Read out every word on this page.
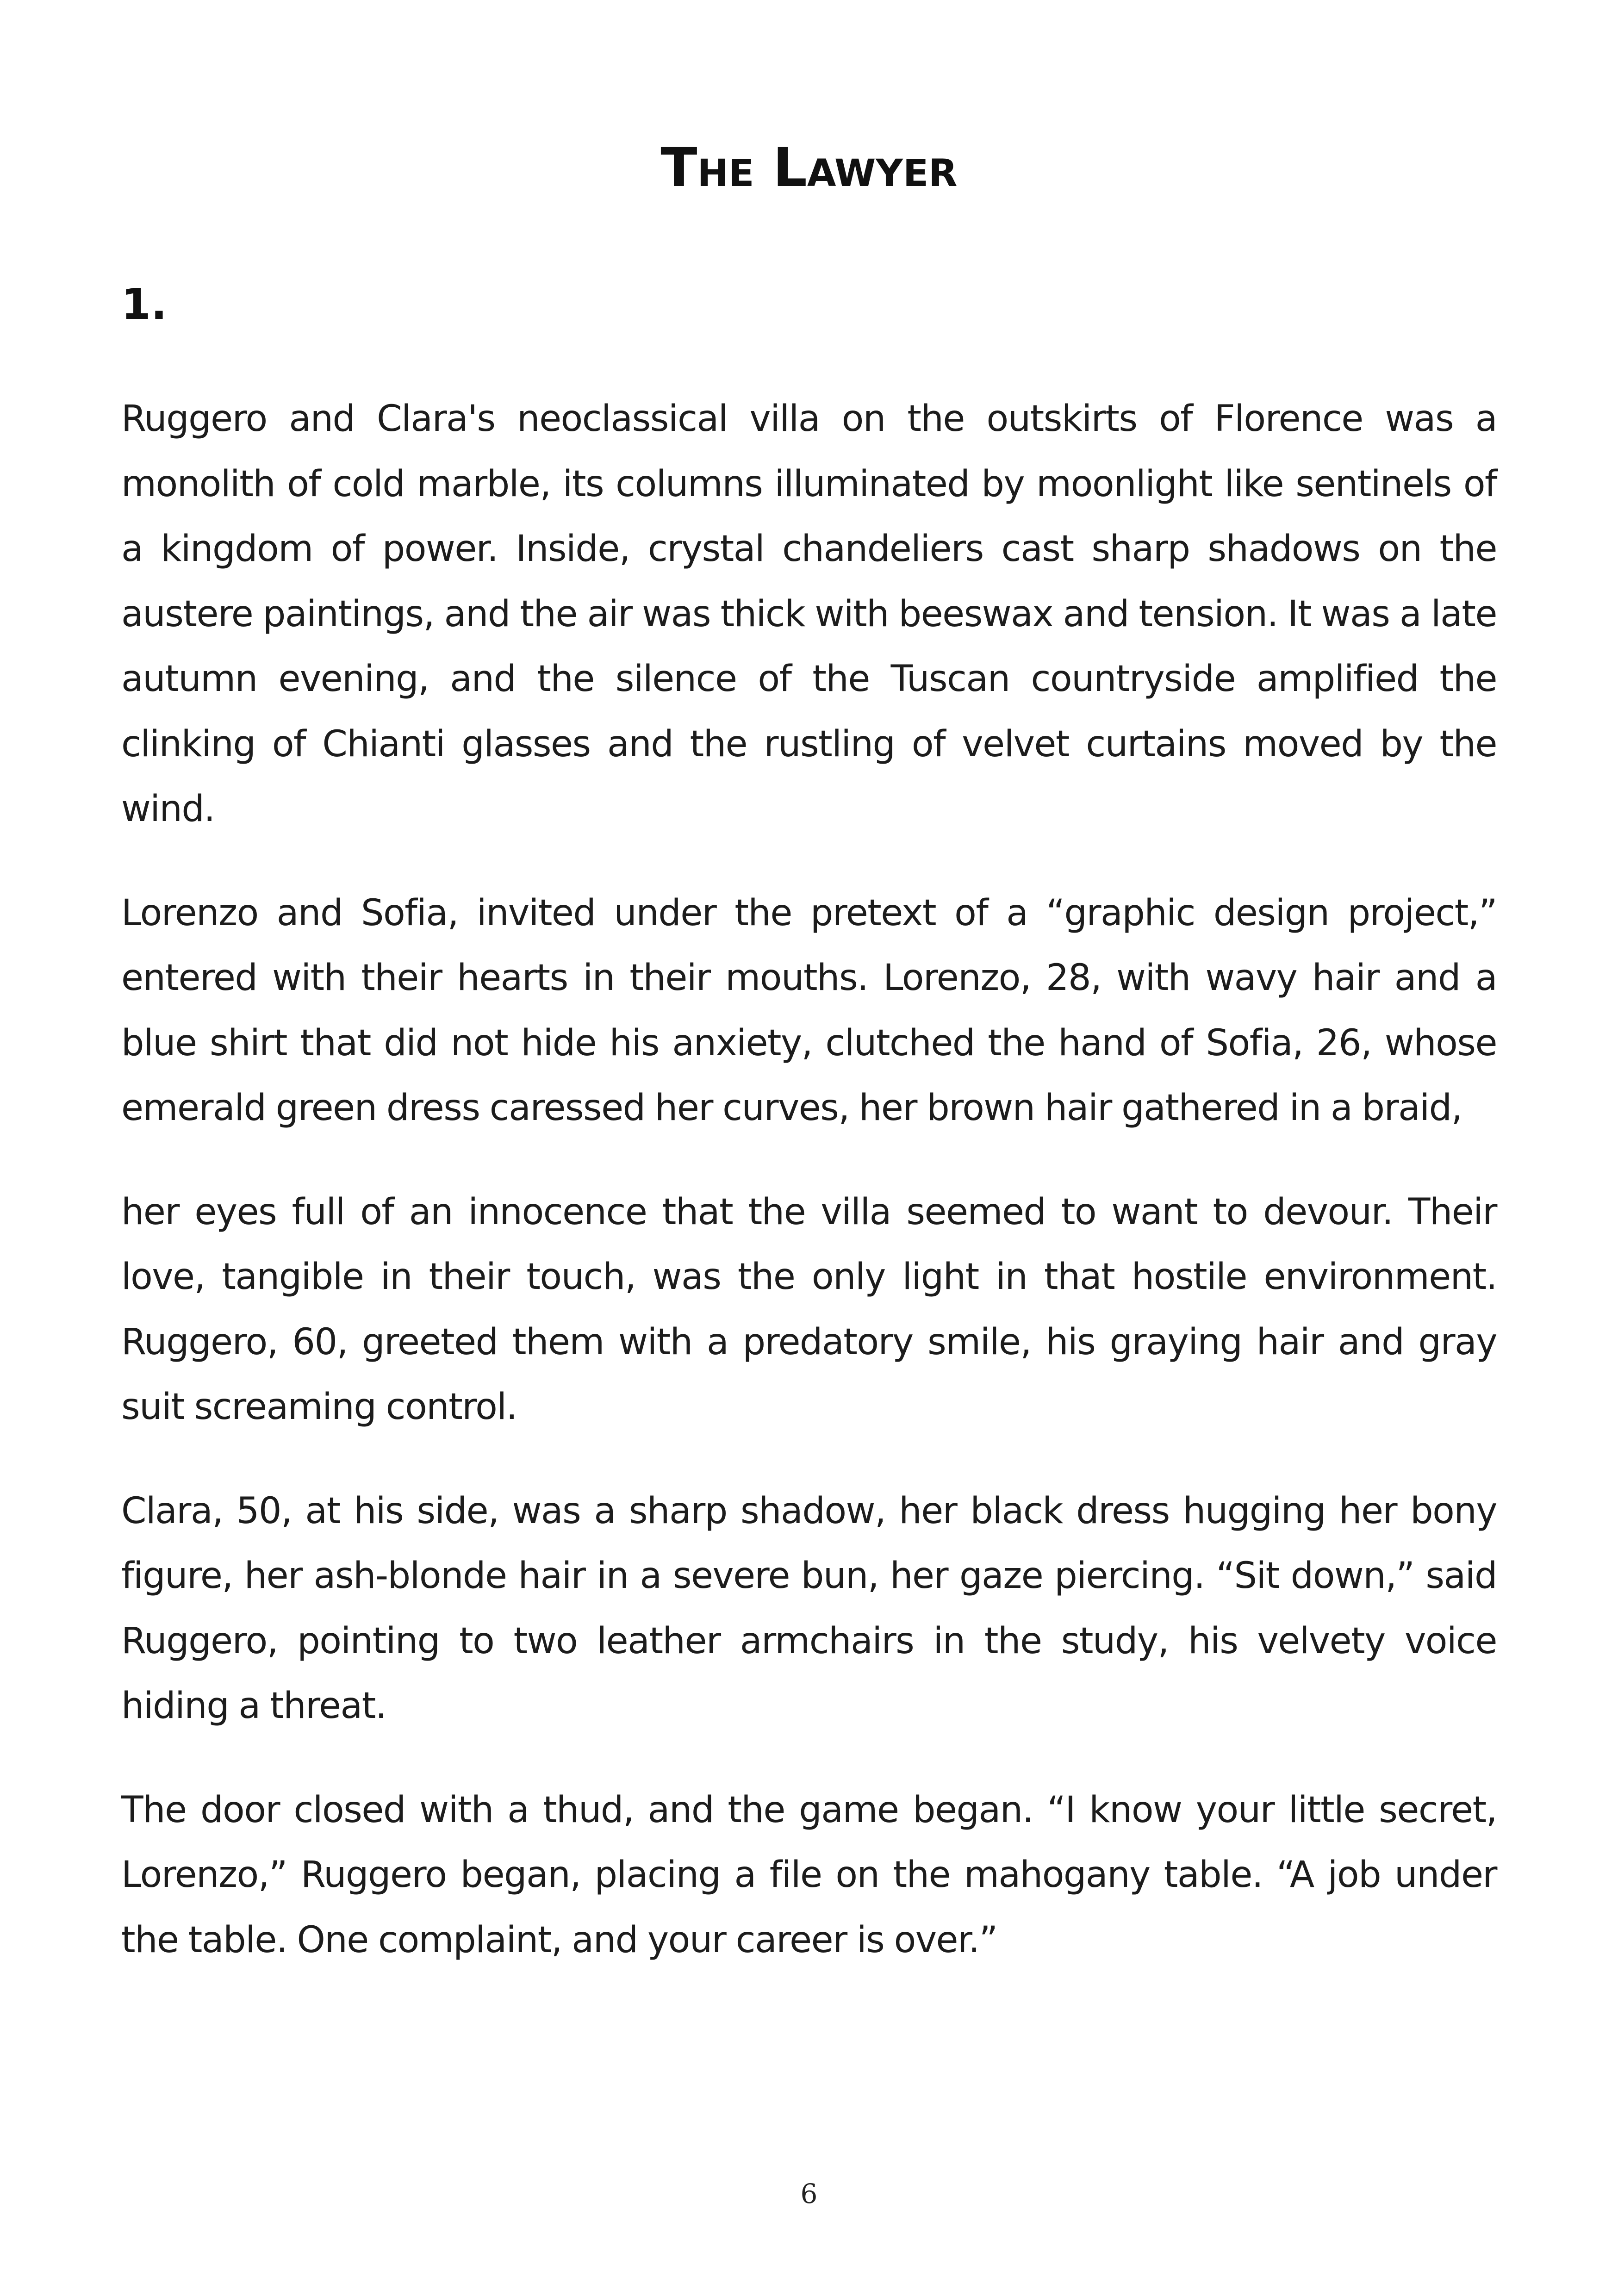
The Lawyer
1.

Ruggero and Clara's neoclassical villa on the outskirts of Florence was a monolith of cold marble, its columns illuminated by moonlight like sentinels of a kingdom of power. Inside, crystal chandeliers cast sharp shadows on the austere paintings, and the air was thick with beeswax and tension. It was a late autumn evening, and the silence of the Tuscan countryside amplified the clinking of Chianti glasses and the rustling of velvet curtains moved by the wind.

Lorenzo and Sofia, invited under the pretext of a “graphic design project,” entered with their hearts in their mouths. Lorenzo, 28, with wavy hair and a blue shirt that did not hide his anxiety, clutched the hand of Sofia, 26, whose emerald green dress caressed her curves, her brown hair gathered in a braid,

her eyes full of an innocence that the villa seemed to want to devour. Their love, tangible in their touch, was the only light in that hostile environment. Ruggero, 60, greeted them with a predatory smile, his graying hair and gray suit screaming control.

Clara, 50, at his side, was a sharp shadow, her black dress hugging her bony figure, her ash-blonde hair in a severe bun, her gaze piercing. “Sit down,” said Ruggero, pointing to two leather armchairs in the study, his velvety voice hiding a threat.

The door closed with a thud, and the game began. “I know your little secret, Lorenzo,” Ruggero began, placing a file on the mahogany table. “A job under the table. One complaint, and your career is over.”

6
